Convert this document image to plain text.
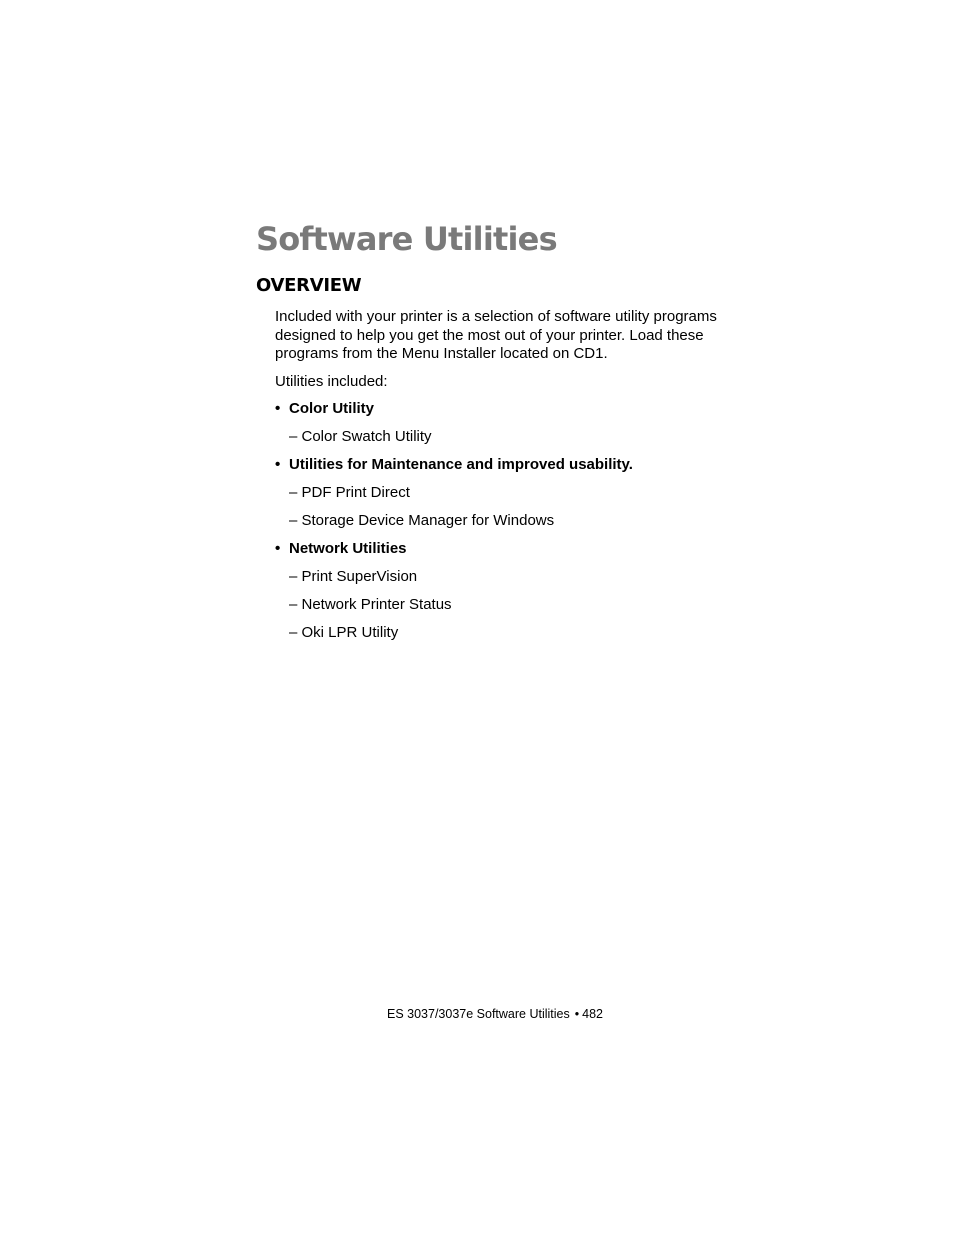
Software Utilities
OVERVIEW

Included with your printer is a selection of software utility programs designed to help you get the most out of your printer. Load these programs from the Menu Installer located on CD1.

Utilities included:

• Color Utility
– Color Swatch Utility
• Utilities for Maintenance and improved usability.
– PDF Print Direct
– Storage Device Manager for Windows
• Network Utilities
– Print SuperVision
– Network Printer Status
– Oki LPR Utility
ES 3037/3037e Software Utilities • 482
